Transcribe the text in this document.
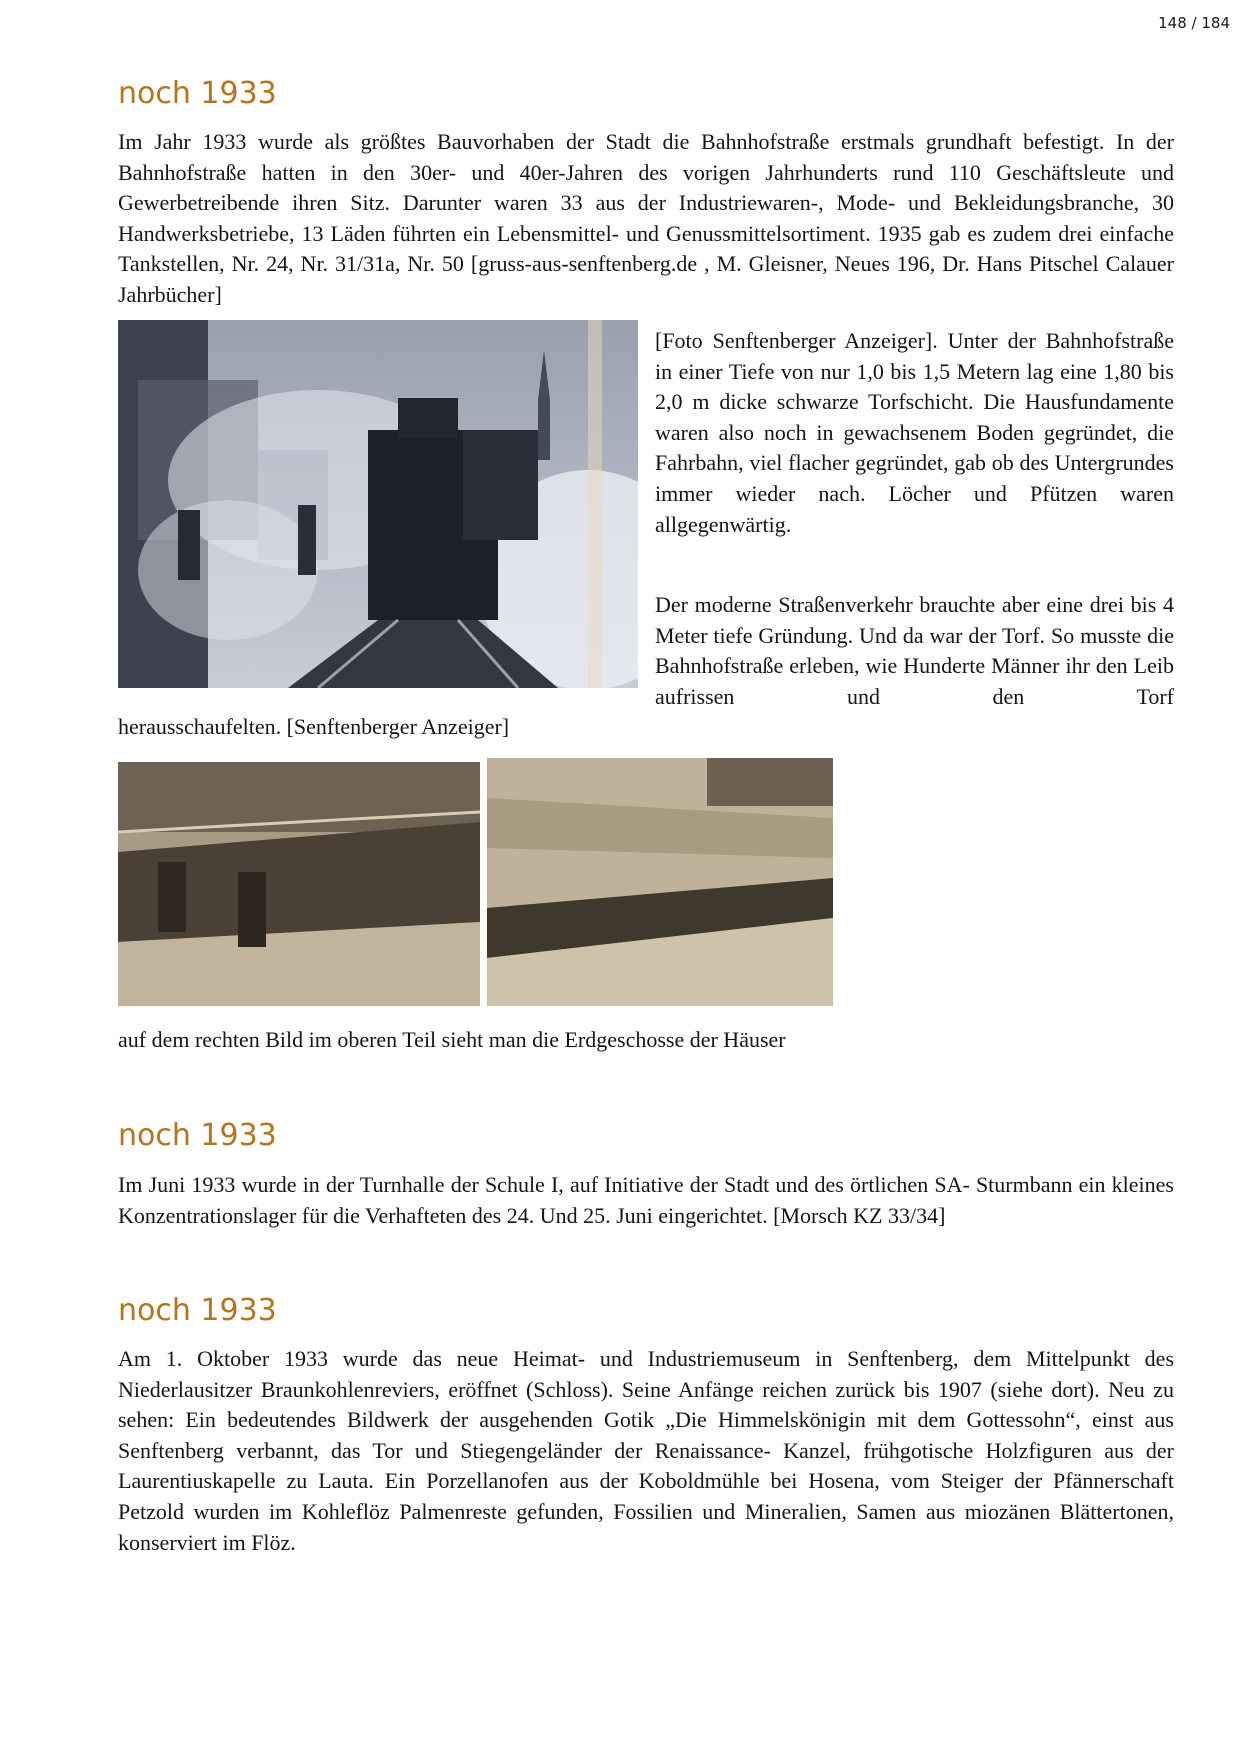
148 / 184
noch 1933

Im Jahr 1933 wurde als größtes Bauvorhaben der Stadt die Bahnhofstraße erstmals grundhaft befestigt. In der Bahnhofstraße hatten in den 30er- und 40er-Jahren des vorigen Jahrhunderts rund 110 Geschäftsleute und Gewerbetreibende ihren Sitz. Darunter waren 33 aus der Industriewaren-, Mode- und Bekleidungsbranche, 30 Handwerksbetriebe, 13 Läden führten ein Lebensmittel- und Genussmittelsortiment. 1935 gab es zudem drei einfache Tankstellen, Nr. 24, Nr. 31/31a, Nr. 50 [gruss-aus-senftenberg.de , M. Gleisner, Neues 196, Dr. Hans Pitschel Calauer Jahrbücher]

[Foto Senftenberger Anzeiger]. Unter der Bahnhofstraße in einer Tiefe von nur 1,0 bis 1,5 Metern lag eine 1,80 bis 2,0 m dicke schwarze Torfschicht. Die Hausfundamente waren also noch in gewachsenem Boden gegründet, die Fahrbahn, viel flacher gegründet, gab ob des Untergrundes immer wieder nach. Löcher und Pfützen waren allgegenwärtig.

Der moderne Straßenverkehr brauchte aber eine drei bis 4 Meter tiefe Gründung. Und da war der Torf. So musste die Bahnhofstraße erleben, wie Hunderte Männer ihr den Leib aufrissen und den Torf

herausschaufelten. [Senftenberger Anzeiger]

auf dem rechten Bild im oberen Teil sieht man die Erdgeschosse der Häuser

noch 1933

Im Juni 1933 wurde in der Turnhalle der Schule I, auf Initiative der Stadt und des örtlichen SA- Sturmbann ein kleines Konzentrationslager für die Verhafteten des 24. Und 25. Juni eingerichtet. [Morsch KZ 33/34]

noch 1933

Am 1. Oktober 1933 wurde das neue Heimat- und Industriemuseum in Senftenberg, dem Mittelpunkt des Niederlausitzer Braunkohlenreviers, eröffnet (Schloss). Seine Anfänge reichen zurück bis 1907 (siehe dort). Neu zu sehen: Ein bedeutendes Bildwerk der ausgehenden Gotik „Die Himmelskönigin mit dem Gottessohn“, einst aus Senftenberg verbannt, das Tor und Stiegengeländer der Renaissance- Kanzel, frühgotische Holzfiguren aus der Laurentiuskapelle zu Lauta. Ein Porzellanofen aus der Koboldmühle bei Hosena, vom Steiger der Pfännerschaft Petzold wurden im Kohleflöz Palmenreste gefunden, Fossilien und Mineralien, Samen aus miozänen Blättertonen, konserviert im Flöz.
